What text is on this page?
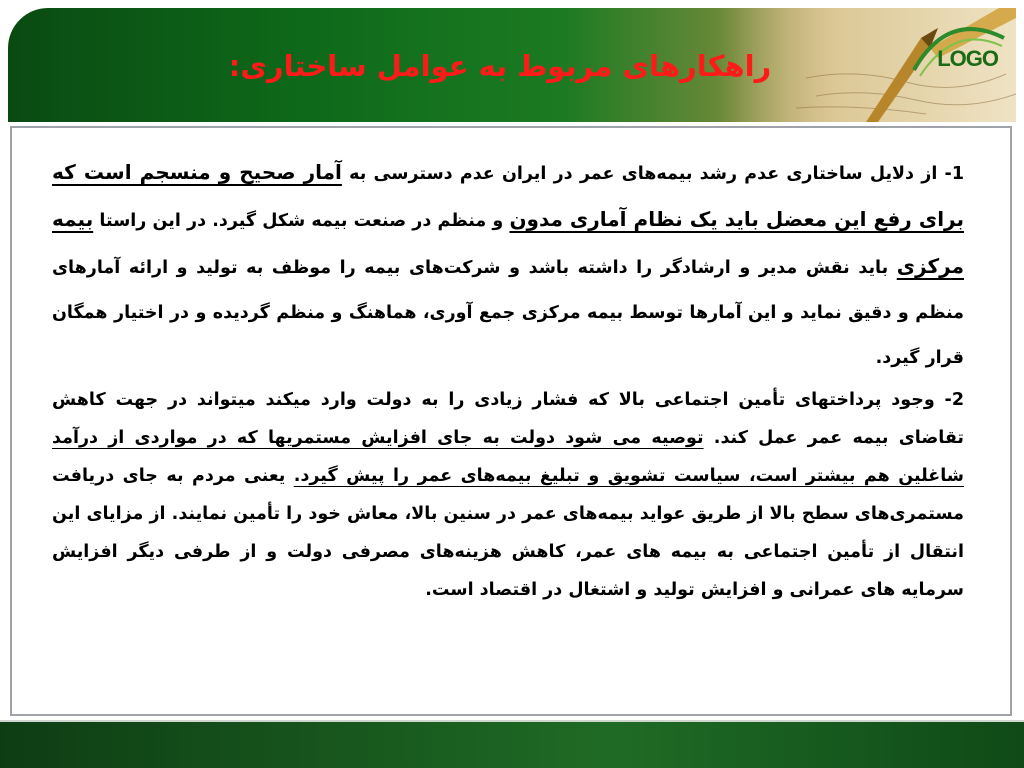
LOGO
راهکارهای مربوط به عوامل ساختاری:

1- از دلایل ساختاری عدم رشد بیمه‌های عمر در ایران عدم دسترسی به آمار صحیح و منسجم است که برای رفع این معضل باید یک نظام آماری مدون و منظم در صنعت بیمه شکل گیرد. در این راستا بیمه مرکزی باید نقش مدیر و ارشادگر را داشته باشد و شرکت‌های بیمه را موظف به تولید و ارائه آمارهای منظم و دقیق نماید و این آمارها توسط بیمه مرکزی جمع آوری، هماهنگ و منظم گردیده و در اختیار همگان قرار گیرد.

2- وجود پرداختهای تأمین اجتماعی بالا که فشار زیادی را به دولت وارد میکند میتواند در جهت کاهش تقاضای بیمه عمر عمل کند. توصیه می شود دولت به جای افزایش مستمریها که در مواردی از درآمد شاغلین هم بیشتر است، سیاست تشویق و تبلیغ بیمه‌های عمر را پیش گیرد. یعنی مردم به جای دریافت مستمری‌های سطح بالا از طریق عواید بیمه‌های عمر در سنین بالا، معاش خود را تأمین نمایند. از مزایای این انتقال از تأمین اجتماعی به بیمه های عمر، کاهش هزینه‌های مصرفی دولت و از طرفی دیگر افزایش سرمایه های عمرانی و افزایش تولید و اشتغال در اقتصاد است.
